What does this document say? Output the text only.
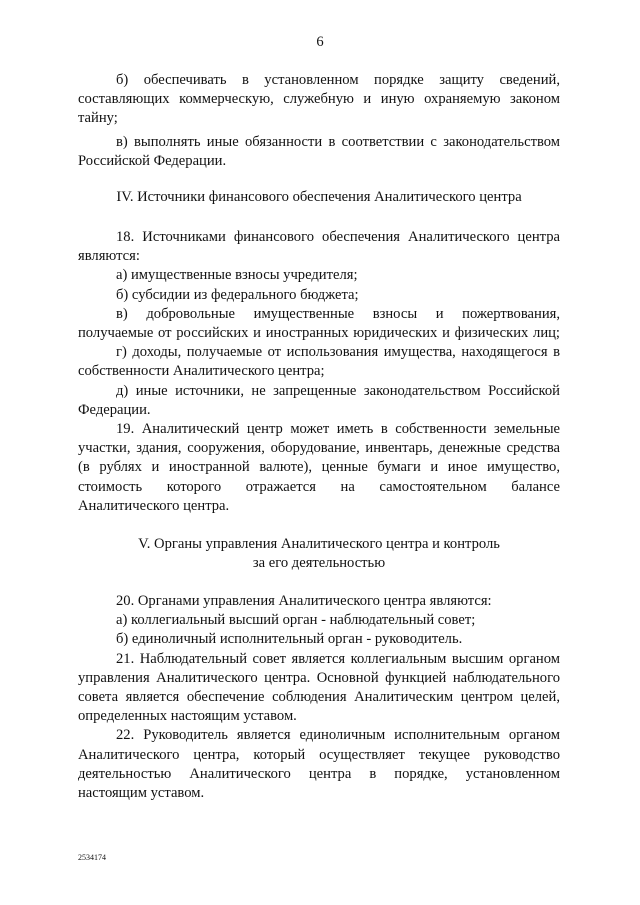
6

б) обеспечивать в установленном порядке защиту сведений,

составляющих коммерческую, служебную и иную охраняемую законом

тайну;

в) выполнять иные обязанности в соответствии с законодательством

Российской Федерации.

IV. Источники финансового обеспечения Аналитического центра

18. Источниками финансового обеспечения Аналитического центра

являются:

а) имущественные взносы учредителя;

б) субсидии из федерального бюджета;

в) добровольные имущественные взносы и пожертвования,

получаемые от российских и иностранных юридических и физических лиц;

г) доходы, получаемые от использования имущества, находящегося в

собственности Аналитического центра;

д) иные источники, не запрещенные законодательством Российской

Федерации.

19. Аналитический центр может иметь в собственности земельные

участки, здания, сооружения, оборудование, инвентарь, денежные средства

(в рублях и иностранной валюте), ценные бумаги и иное имущество,

стоимость которого отражается на самостоятельном балансе

Аналитического центра.

V. Органы управления Аналитического центра и контроль

за его деятельностью

20. Органами управления Аналитического центра являются:

а) коллегиальный высший орган - наблюдательный совет;

б) единоличный исполнительный орган - руководитель.

21. Наблюдательный совет является коллегиальным высшим органом

управления Аналитического центра. Основной функцией наблюдательного

совета является обеспечение соблюдения Аналитическим центром целей,

определенных настоящим уставом.

22. Руководитель является единоличным исполнительным органом

Аналитического центра, который осуществляет текущее руководство

деятельностью Аналитического центра в порядке, установленном

настоящим уставом.

2534174
